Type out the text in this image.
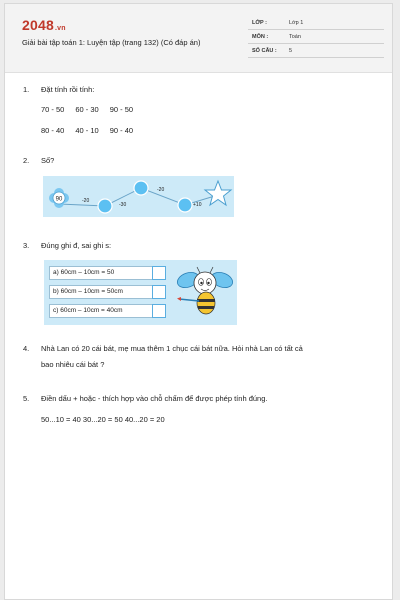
2048.vn
Giải bài tập toán 1: Luyện tập (trang 132) (Có đáp án)
LỚP :	Lớp 1
MÔN :	Toán
SỐ CÂU : 5
1. Đặt tính rồi tính:
70 - 50 60 - 30 90 - 50
80 - 40 40 - 10 90 - 40
2. Số?
90	-20
-30
-20
+10
3. Đúng ghi đ, sai ghi s:
a) 60cm – 10cm = 50
b) 60cm – 10cm = 50cm
c) 60cm – 10cm = 40cm
4. Nhà Lan có 20 cái bát, mẹ mua thêm 1 chục cái bát nữa. Hỏi nhà Lan có tất cả
bao nhiêu cái bát ?
5. Điền dấu + hoặc - thích hợp vào chỗ chấm để được phép tính đúng.
50...10 = 40 30...20 = 50 40...20 = 20
